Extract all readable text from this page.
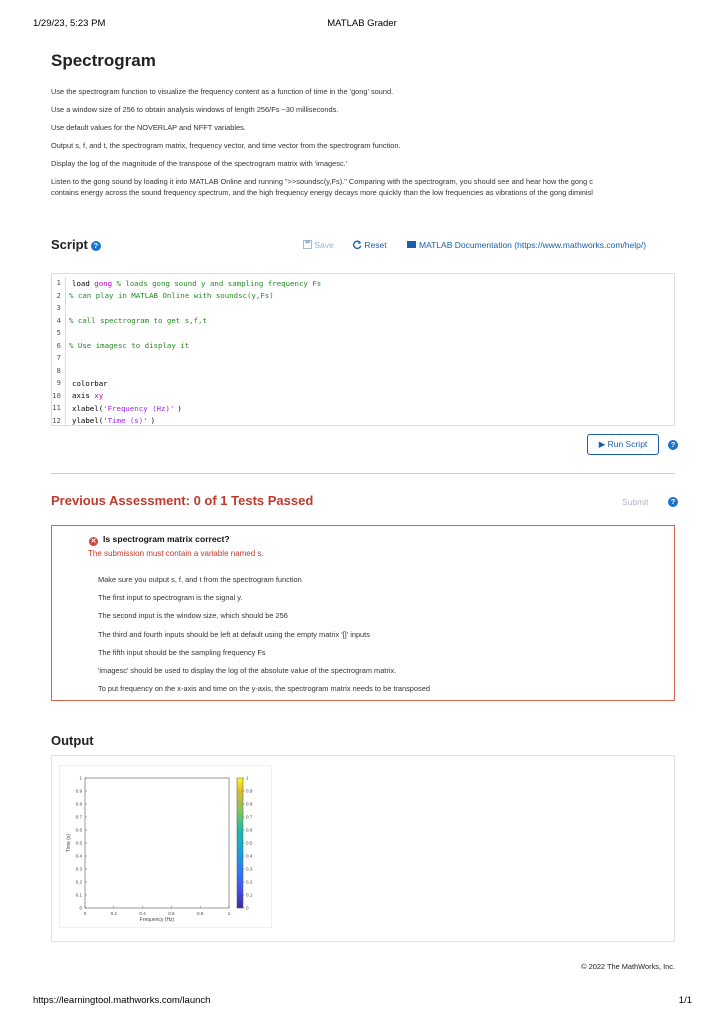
1/29/23, 5:23 PM	MATLAB Grader
Spectrogram

Use the spectrogram function to visualize the frequency content as a function of time in the 'gong' sound.

Use a window size of 256 to obtain analysis windows of length 256/Fs ~30 milliseconds.

Use default values for the NOVERLAP and NFFT variables.

Output s, f, and t, the spectrogram matrix, frequency vector, and time vector from the spectrogram function.

Display the log of the magnitude of the transpose of the spectrogram matrix with 'imagesc.'

Listen to the gong sound by loading it into MATLAB Online and running ">>soundsc(y,Fs)." Comparing with the spectrogram, you should see and hear how the gong c

contains energy across the sound frequency spectrum, and the high frequency energy decays more quickly than the low frequencies as vibrations of the gong diminisl

Script ?	Save	Reset	MATLAB Documentation (https://www.mathworks.com/help/)
1	load gong % loads gong sound y and sampling frequency Fs
2	% can play in MATLAB Online with soundsc(y,Fs)
3
4	% call spectrogram to get s,f,t
5
6	% Use imagesc to display it
7
8
9	colorbar
10	axis xy
11	xlabel('Frequency (Hz)' )
12	ylabel('Time (s)' )
▶ Run Script	?
Previous Assessment: 0 of 1 Tests Passed	Submit	?
✕ Is spectrogram matrix correct?
The submission must contain a variable named s.
Make sure you output s, f, and t from the spectrogram function
The first input to spectrogram is the signal y.
The second input is the window size, which should be 256
The third and fourth inputs should be left at default using the empty matrix '[]' inputs
The fifth input should be the sampling frequency Fs
'imagesc' should be used to display the log of the absolute value of the spectrogram matrix.
To put frequency on the x-axis and time on the y-axis, the spectrogram matrix needs to be transposed
Output
0
0.1
0.2
0.3
0.4
0.5
0.6
0.7
0.8
0.9
1
0	0.2	0.4	0.6	0.8	1
Frequency (Hz)
Time (s)
0
0.1
0.2
0.3
0.4
0.5
0.6
0.7
0.8
0.9
1
© 2022 The MathWorks, Inc.
https://learningtool.mathworks.com/launch	1/1
